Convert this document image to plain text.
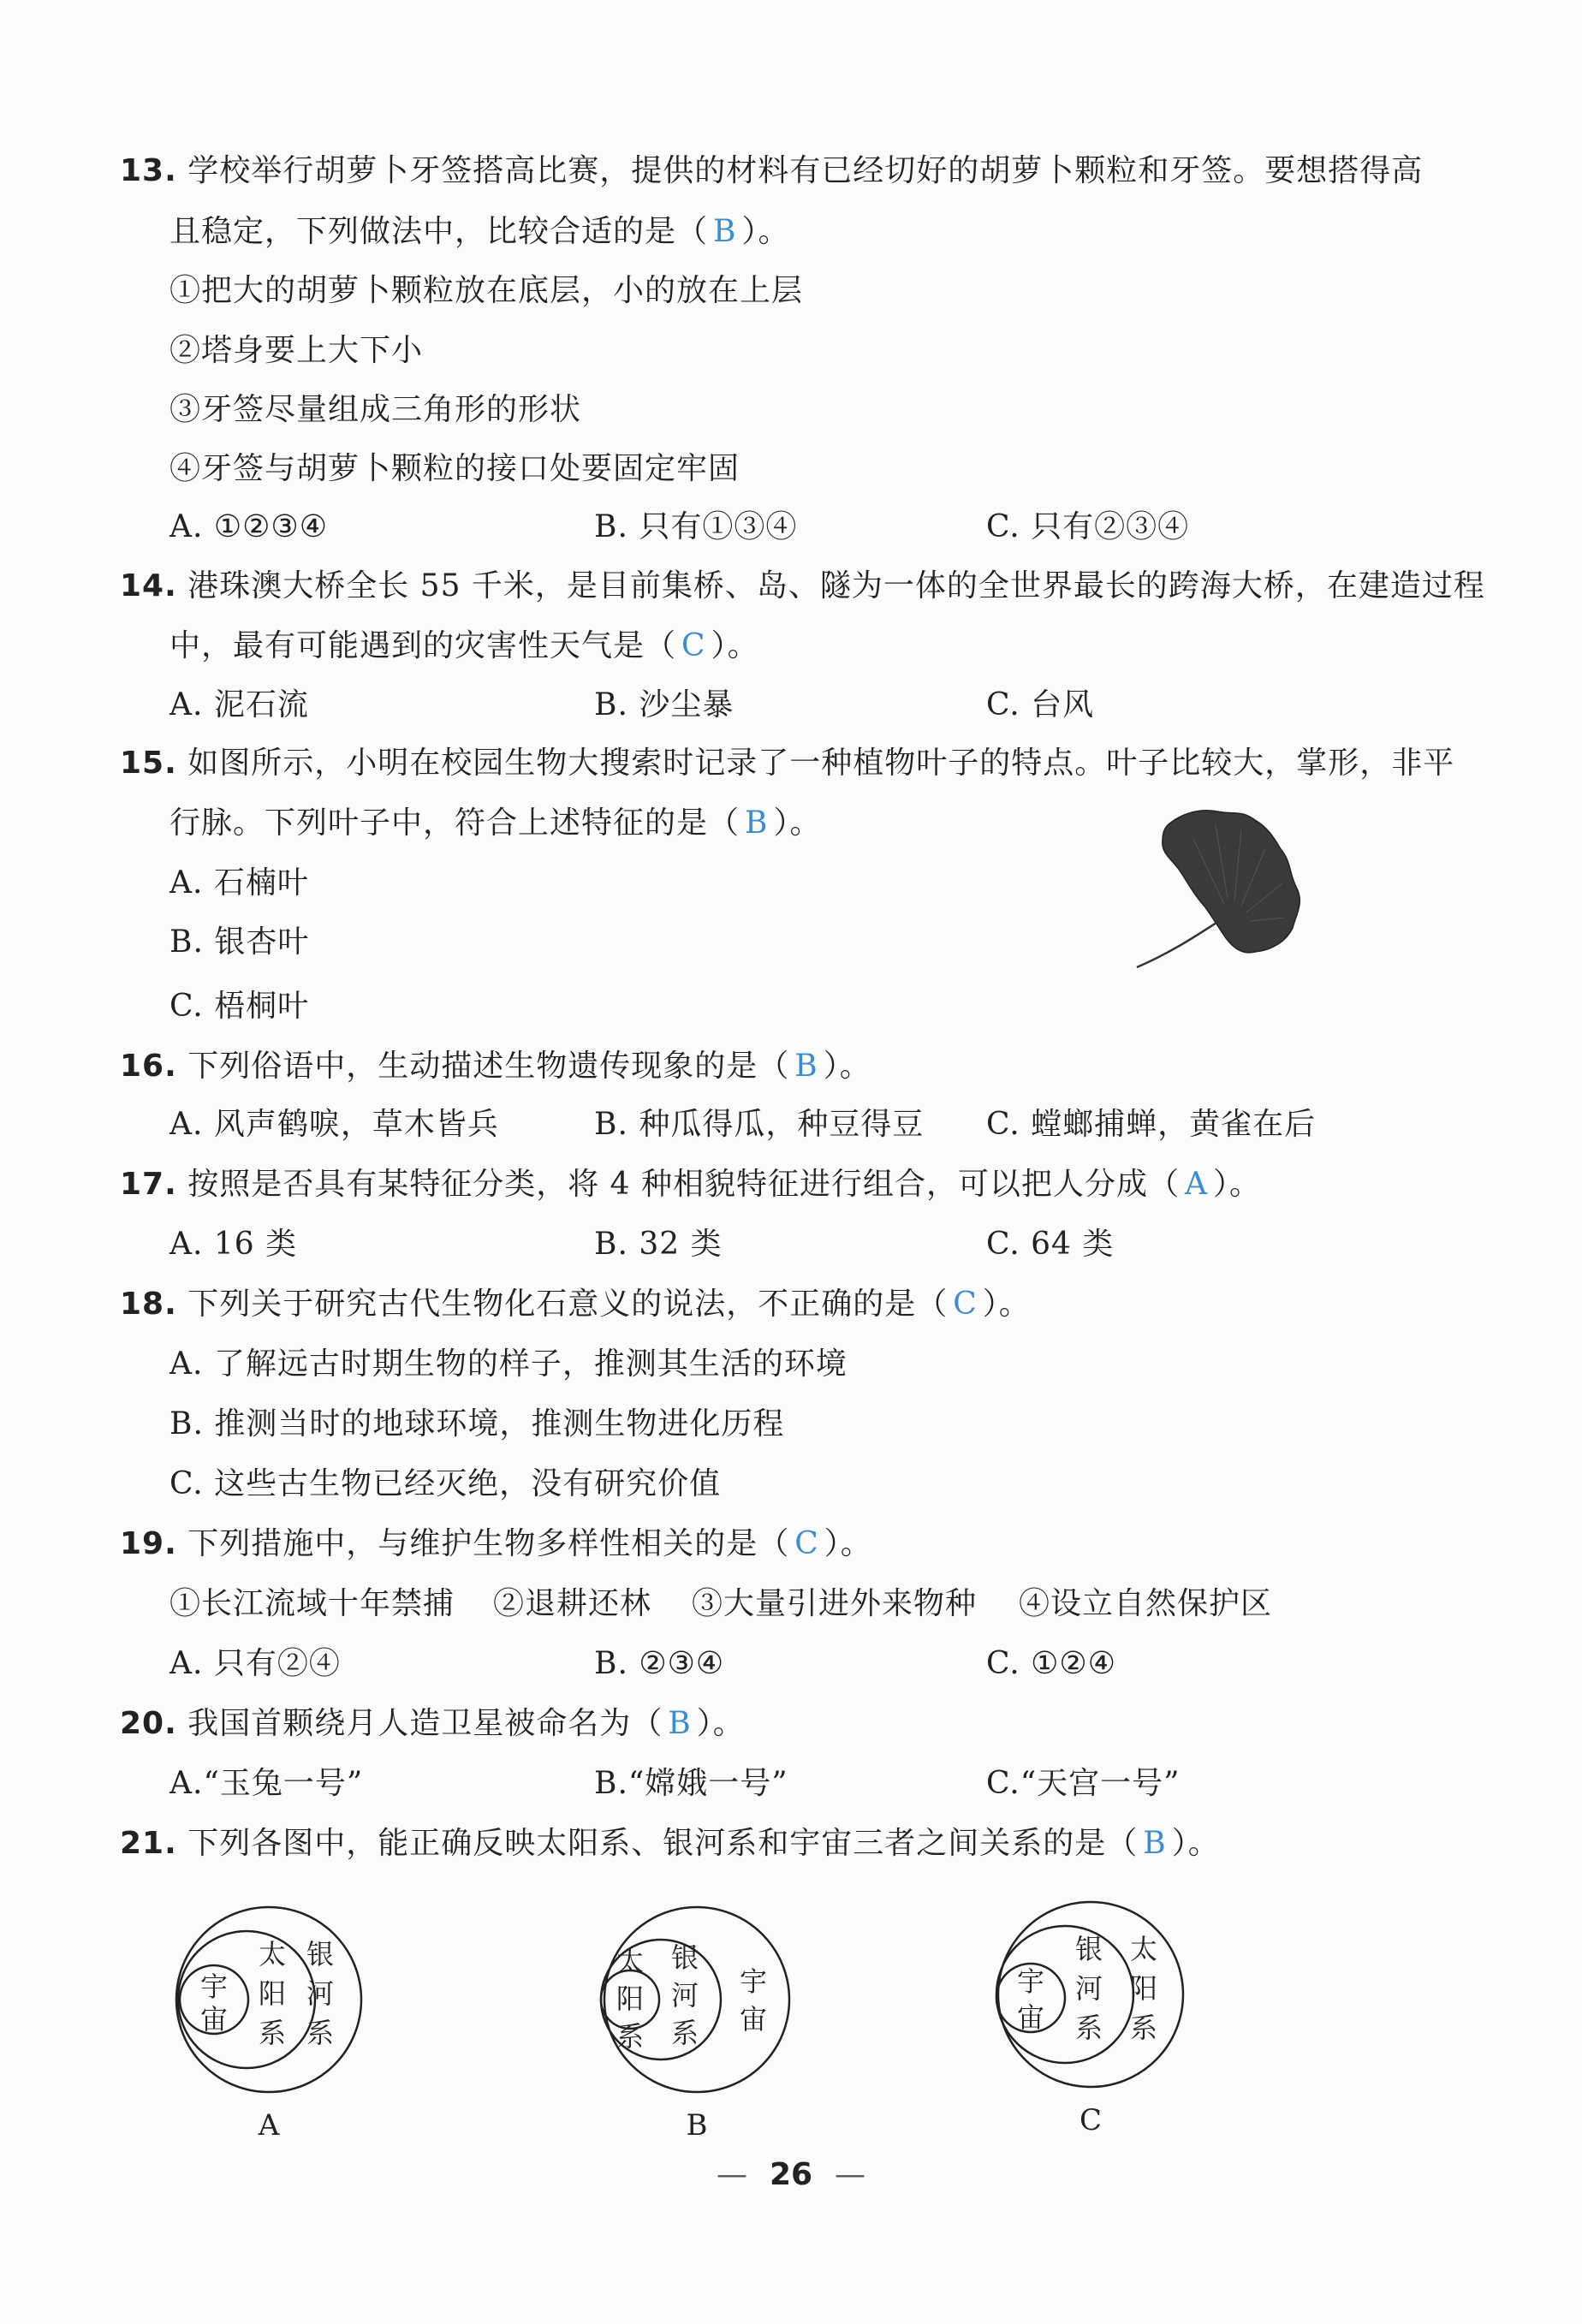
13. 学校举行胡萝卜牙签搭高比赛，提供的材料有已经切好的胡萝卜颗粒和牙签。要想搭得高
且稳定，下列做法中，比较合适的是（ B ）。
①把大的胡萝卜颗粒放在底层，小的放在上层
②塔身要上大下小
③牙签尽量组成三角形的形状
④牙签与胡萝卜颗粒的接口处要固定牢固
A. ①②③④	B. 只有①③④	C. 只有②③④
14. 港珠澳大桥全长 55 千米，是目前集桥、岛、隧为一体的全世界最长的跨海大桥，在建造过程
中，最有可能遇到的灾害性天气是（ C ）。
A. 泥石流	B. 沙尘暴	C. 台风
15. 如图所示，小明在校园生物大搜索时记录了一种植物叶子的特点。叶子比较大，掌形，非平
行脉。下列叶子中，符合上述特征的是（ B ）。
A. 石楠叶
B. 银杏叶
C. 梧桐叶
16. 下列俗语中，生动描述生物遗传现象的是（ B ）。
A. 风声鹤唳，草木皆兵	B. 种瓜得瓜，种豆得豆 C. 螳螂捕蝉，黄雀在后
17. 按照是否具有某特征分类，将 4 种相貌特征进行组合，可以把人分成（ A ）。
A. 16 类	B. 32 类	C. 64 类
18. 下列关于研究古代生物化石意义的说法，不正确的是（ C ）。
A. 了解远古时期生物的样子，推测其生活的环境
B. 推测当时的地球环境，推测生物进化历程
C. 这些古生物已经灭绝，没有研究价值
19. 下列措施中，与维护生物多样性相关的是（ C ）。
①长江流域十年禁捕 ②退耕还林 ③大量引进外来物种 ④设立自然保护区
A. 只有②④	B. ②③④	C. ①②④
20. 我国首颗绕月人造卫星被命名为（ B ）。
A.“玉兔一号”	B.“嫦娥一号”	C.“天宫一号”
21. 下列各图中，能正确反映太阳系、银河系和宇宙三者之间关系的是（ B ）。
银
河
系
太
阳
系
宇
宙
A
宇
宙
银
河
系
太
阳
系
B
太
阳
系
银
河
系
宇
宙
C
— 26 —
